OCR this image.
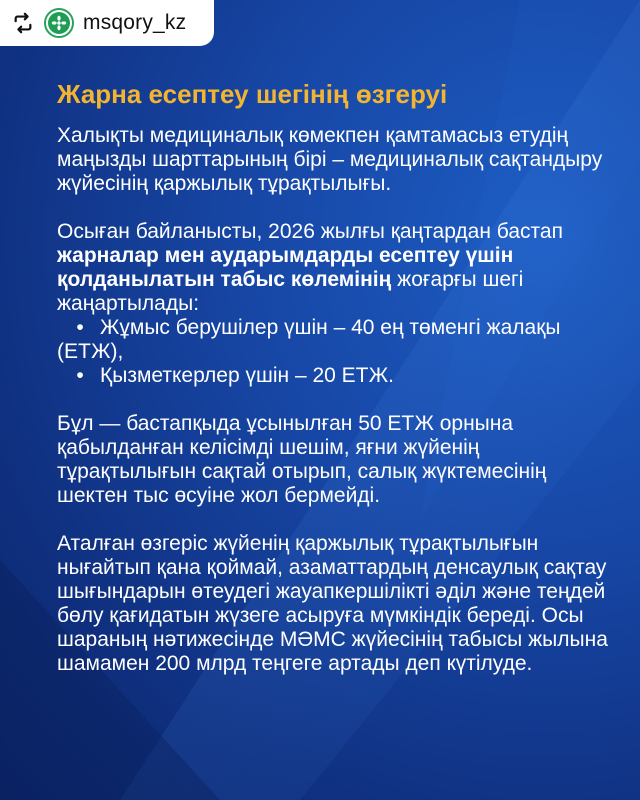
msqory_kz
Жарна есептеу шегінің өзгеруі

Халықты медициналық көмекпен қамтамасыз етудің маңызды шарттарының бірі – медициналық сақтандыру жүйесінің қаржылық тұрақтылығы.

Осыған байланысты, 2026 жылғы қаңтардан бастап жарналар мен аударымдарды есептеу үшін қолданылатын табыс көлемінің жоғарғы шегі жаңартылады:

• Жұмыс берушілер үшін – 40 ең төменгі жалақы (ЕТЖ),
• Қызметкерлер үшін – 20 ЕТЖ.

Бұл — бастапқыда ұсынылған 50 ЕТЖ орнына қабылданған келісімді шешім, яғни жүйенің тұрақтылығын сақтай отырып, салық жүктемесінің шектен тыс өсуіне жол бермейді.

Аталған өзгеріс жүйенің қаржылық тұрақтылығын нығайтып қана қоймай, азаматтардың денсаулық сақтау шығындарын өтеудегі жауапкершілікті әділ және теңдей бөлу қағидатын жүзеге асыруға мүмкіндік береді. Осы шараның нәтижесінде МӘМС жүйесінің табысы жылына шамамен 200 млрд теңгеге артады деп күтілуде.
